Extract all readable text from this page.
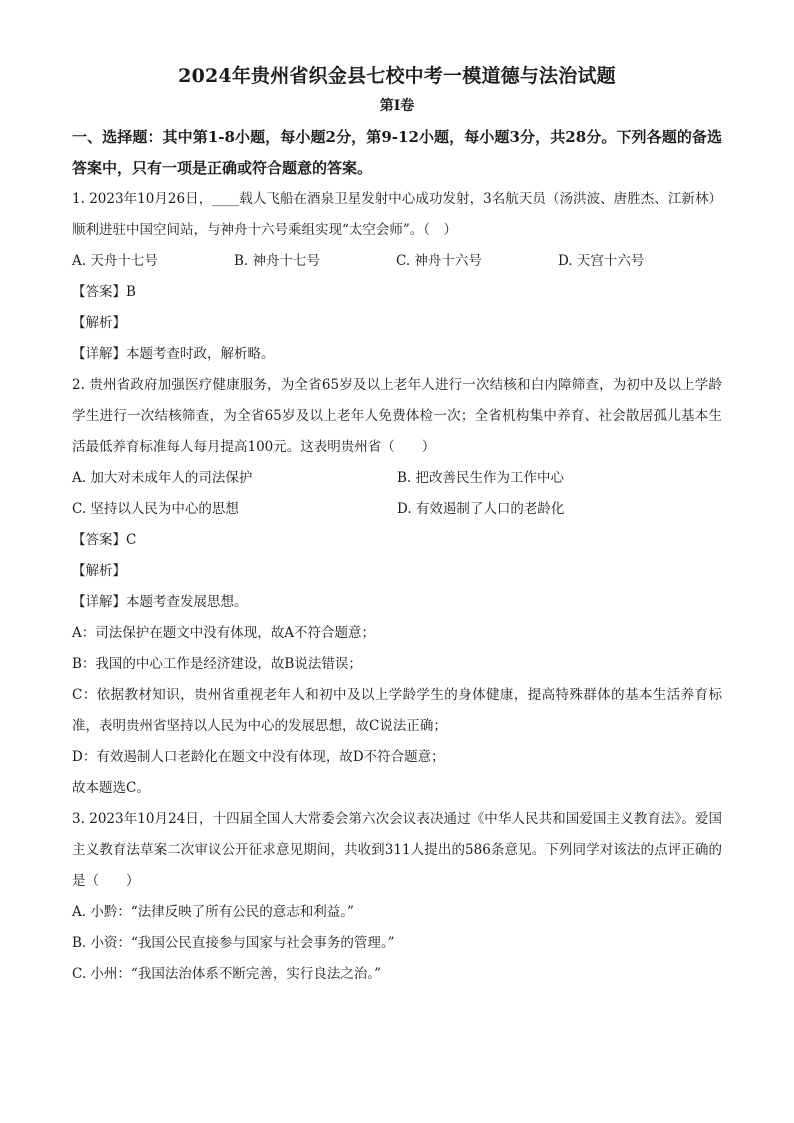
2024年贵州省织金县七校中考一模道德与法治试题
第Ⅰ卷

一、选择题：其中第1-8小题，每小题2分，第9-12小题，每小题3分，共28分。下列各题的备选答案中，只有一项是正确或符合题意的答案。

1. 2023年10月26日，____载人飞船在酒泉卫星发射中心成功发射，3名航天员（汤洪波、唐胜杰、江新林）顺利进驻中国空间站，与神舟十六号乘组实现“太空会师”。（　）

A. 天舟十七号	B. 神舟十七号	C. 神舟十六号	D. 天宫十六号

【答案】B

【解析】

【详解】本题考查时政，解析略。

2. 贵州省政府加强医疗健康服务，为全省65岁及以上老年人进行一次结核和白内障筛查，为初中及以上学龄学生进行一次结核筛查，为全省65岁及以上老年人免费体检一次；全省机构集中养育、社会散居孤儿基本生活最低养育标准每人每月提高100元。这表明贵州省（　　）

A. 加大对未成年人的司法保护	B. 把改善民生作为工作中心
C. 坚持以人民为中心的思想	D. 有效遏制了人口的老龄化

【答案】C

【解析】

【详解】本题考查发展思想。

A：司法保护在题文中没有体现，故A不符合题意；

B：我国的中心工作是经济建设，故B说法错误；

C：依据教材知识，贵州省重视老年人和初中及以上学龄学生的身体健康，提高特殊群体的基本生活养育标准，表明贵州省坚持以人民为中心的发展思想，故C说法正确；

D：有效遏制人口老龄化在题文中没有体现，故D不符合题意；

故本题选C。

3. 2023年10月24日，十四届全国人大常委会第六次会议表决通过《中华人民共和国爱国主义教育法》。爱国主义教育法草案二次审议公开征求意见期间，共收到311人提出的586条意见。下列同学对该法的点评正确的是（　　）

A. 小黔：“法律反映了所有公民的意志和利益。”

B. 小资：“我国公民直接参与国家与社会事务的管理。”

C. 小州：“我国法治体系不断完善，实行良法之治。”
